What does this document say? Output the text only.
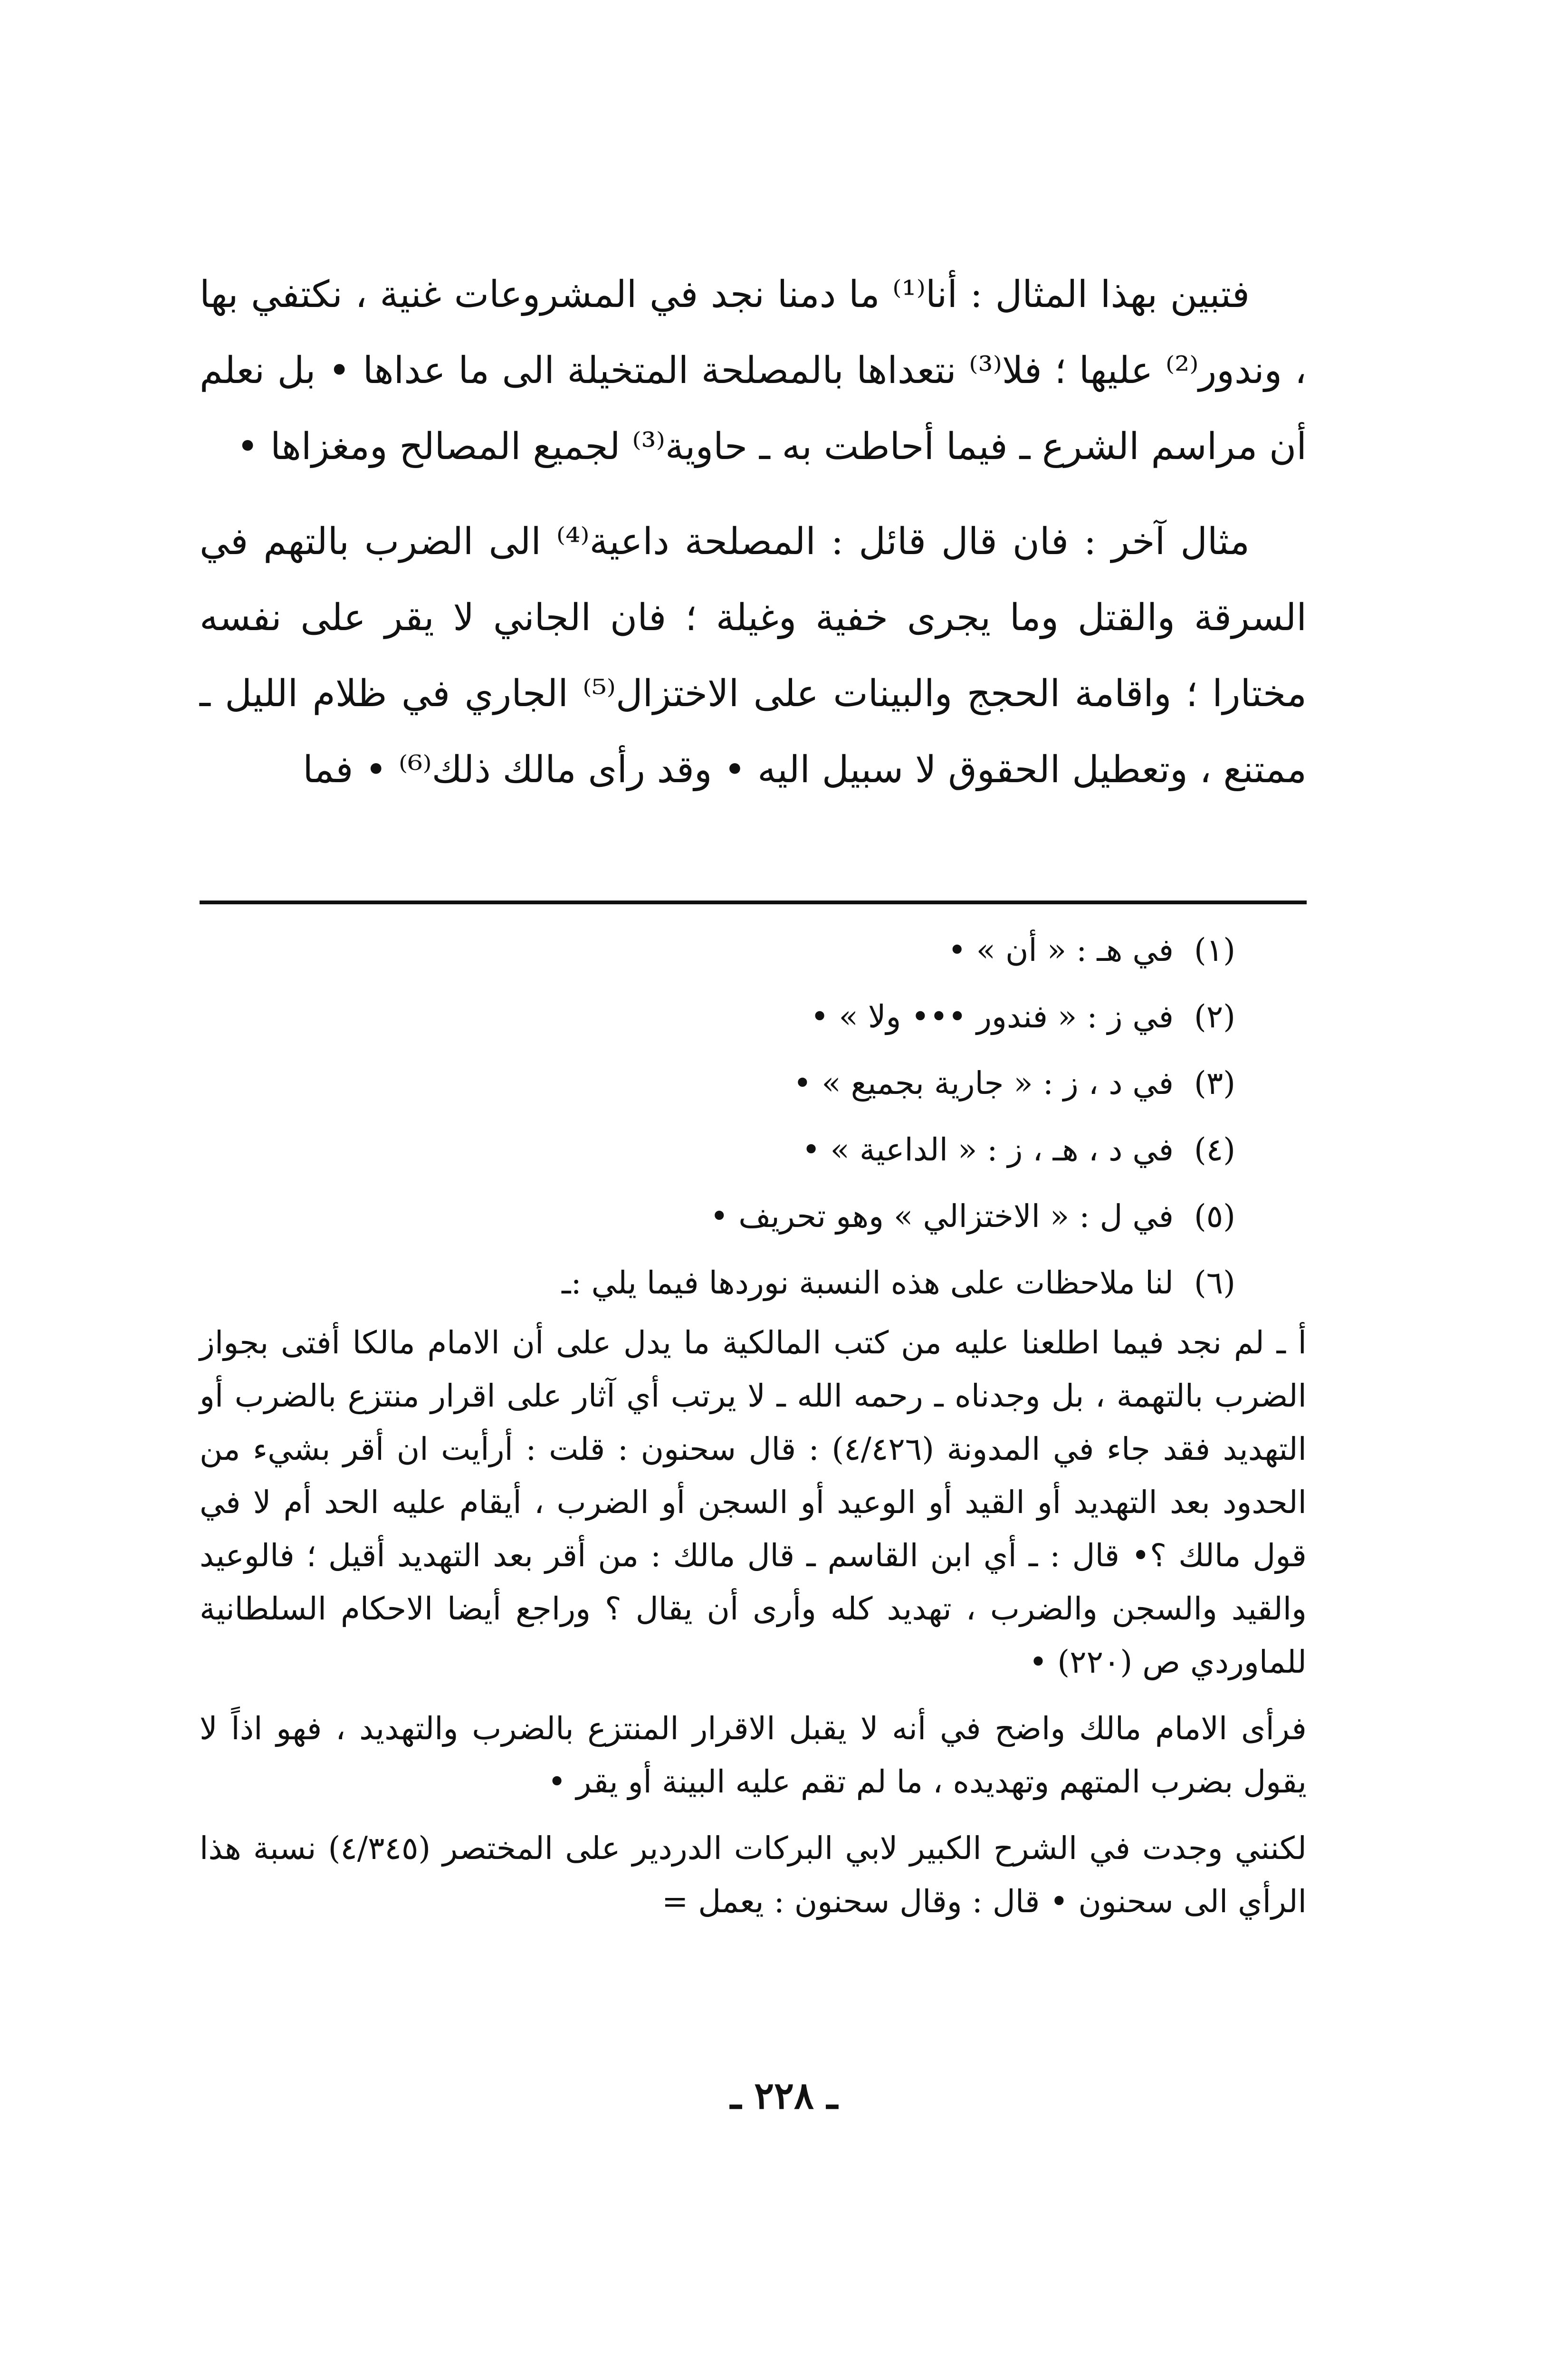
فتبين بهذا المثال : أنا⁽¹⁾ ما دمنا نجد في المشروعات غنية ، نكتفي بها ، وندور⁽²⁾ عليها ؛ فلا⁽³⁾ نتعداها بالمصلحة المتخيلة الى ما عداها • بل نعلم أن مراسم الشرع ـ فيما أحاطت به ـ حاوية⁽³⁾ لجميع المصالح ومغزاها •

مثال آخر : فان قال قائل : المصلحة داعية⁽⁴⁾ الى الضرب بالتهم في السرقة والقتل وما يجرى خفية وغيلة ؛ فان الجاني لا يقر على نفسه مختارا ؛ واقامة الحجج والبينات على الاختزال⁽⁵⁾ الجاري في ظلام الليل ـ ممتنع ، وتعطيل الحقوق لا سبيل اليه • وقد رأى مالك ذلك⁽⁶⁾ • فما

(١)في هـ : « أن » •

(٢)في ز : « فندور ••• ولا » •

(٣)في د ، ز : « جارية بجميع » •

(٤)في د ، هـ ، ز : « الداعية » •

(٥)في ل : « الاختزالي » وهو تحريف •

(٦)لنا ملاحظات على هذه النسبة نوردها فيما يلي :ـ

أ ـ لم نجد فيما اطلعنا عليه من كتب المالكية ما يدل على أن الامام مالكا أفتى بجواز الضرب بالتهمة ، بل وجدناه ـ رحمه الله ـ لا يرتب أي آثار على اقرار منتزع بالضرب أو التهديد فقد جاء في المدونة (٤/٤٢٦) : قال سحنون : قلت : أرأيت ان أقر بشيء من الحدود بعد التهديد أو القيد أو الوعيد أو السجن أو الضرب ، أيقام عليه الحد أم لا في قول مالك ؟• قال : ـ أي ابن القاسم ـ قال مالك : من أقر بعد التهديد أقيل ؛ فالوعيد والقيد والسجن والضرب ، تهديد كله وأرى أن يقال ؟ وراجع أيضا الاحكام السلطانية للماوردي ص (٢٢٠) •

فرأى الامام مالك واضح في أنه لا يقبل الاقرار المنتزع بالضرب والتهديد ، فهو اذاً لا يقول بضرب المتهم وتهديده ، ما لم تقم عليه البينة أو يقر •

لكنني وجدت في الشرح الكبير لابي البركات الدردير على المختصر (٤/٣٤٥) نسبة هذا الرأي الى سحنون • قال : وقال سحنون : يعمل =

ـ ٢٢٨ ـ
